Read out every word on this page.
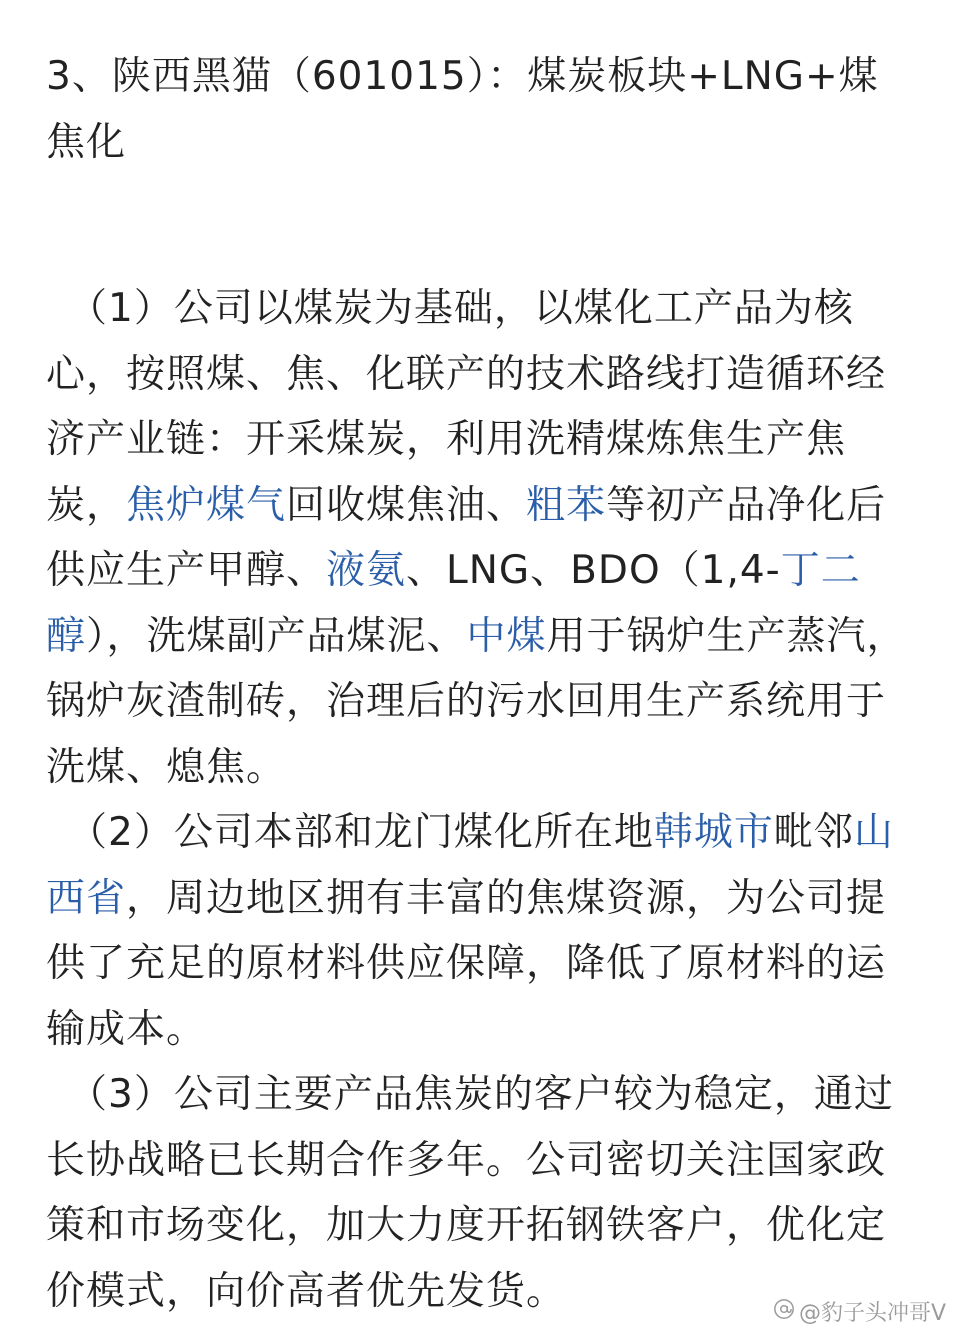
3、陕西黑猫（601015）：煤炭板块+LNG+煤焦化

（1）公司以煤炭为基础，以煤化工产品为核心，按照煤、焦、化联产的技术路线打造循环经济产业链：开采煤炭，利用洗精煤炼焦生产焦炭，焦炉煤气回收煤焦油、粗苯等初产品净化后供应生产甲醇、液氨、LNG、BDO（1,4-丁二醇），洗煤副产品煤泥、中煤用于锅炉生产蒸汽，锅炉灰渣制砖，治理后的污水回用生产系统用于洗煤、熄焦。

（2）公司本部和龙门煤化所在地韩城市毗邻山西省，周边地区拥有丰富的焦煤资源，为公司提供了充足的原材料供应保障，降低了原材料的运输成本。

（3）公司主要产品焦炭的客户较为稳定，通过长协战略已长期合作多年。公司密切关注国家政策和市场变化，加大力度开拓钢铁客户，优化定价模式，向价高者优先发货。	@豹子头冲哥V
